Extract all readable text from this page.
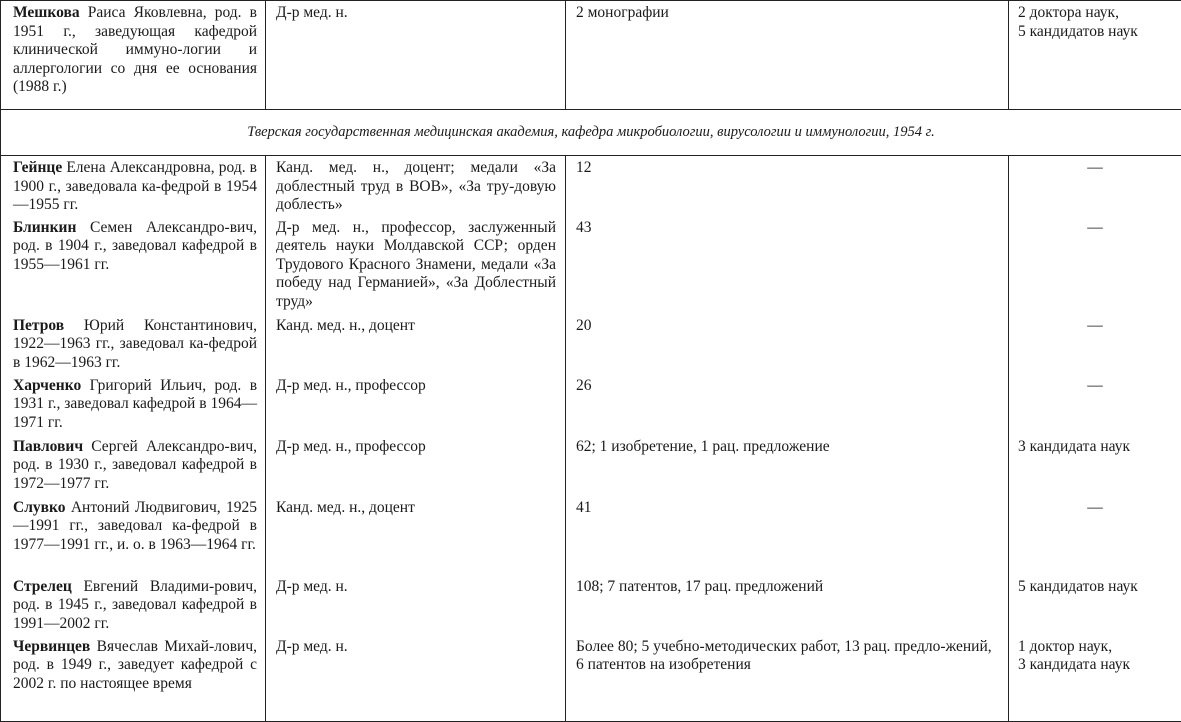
Мешкова Раиса Яковлевна, род. в 1951 г., заведующая кафедрой клинической иммуно-логии и аллергологии со дня ее основания (1988 г.)	Д-р мед. н.	2 монографии	2 доктора наук,
5 кандидатов наук
Тверская государственная медицинская академия, кафедра микробиологии, вирусологии и иммунологии, 1954 г.			
Гейнце Елена Александровна, род. в 1900 г., заведовала ка-федрой в 1954—1955 гг.	Канд. мед. н., доцент; медали «За доблестный труд в ВОВ», «За тру-довую доблесть»	12	—
Блинкин Семен Александро-вич, род. в 1904 г., заведовал кафедрой в 1955—1961 гг.	Д-р мед. н., профессор, заслуженный деятель науки Молдавской ССР; орден Трудового Красного Знамени, медали «За победу над Германией», «За Доблестный труд»	43	—
Петров Юрий Константинович, 1922—1963 гг., заведовал ка-федрой в 1962—1963 гг.	Канд. мед. н., доцент	20	—
Харченко Григорий Ильич, род. в 1931 г., заведовал кафедрой в 1964—1971 гг.	Д-р мед. н., профессор	26	—
Павлович Сергей Александро-вич, род. в 1930 г., заведовал кафедрой в 1972—1977 гг.	Д-р мед. н., профессор	62; 1 изобретение, 1 рац. предложение	3 кандидата наук
Слувко Антоний Людвигович, 1925—1991 гг., заведовал ка-федрой в 1977—1991 гг., и. о. в 1963—1964 гг.	Канд. мед. н., доцент	41	—
Стрелец Евгений Владими-рович, род. в 1945 г., заведовал кафедрой в 1991—2002 гг.	Д-р мед. н.	108; 7 патентов, 17 рац. предложений	5 кандидатов наук
Червинцев Вячеслав Михай-лович, род. в 1949 г., заведует кафедрой с 2002 г. по настоящее время	Д-р мед. н.	Более 80; 5 учебно-методических работ, 13 рац. предло-жений, 6 патентов на изобретения	1 доктор наук,
3 кандидата наук
